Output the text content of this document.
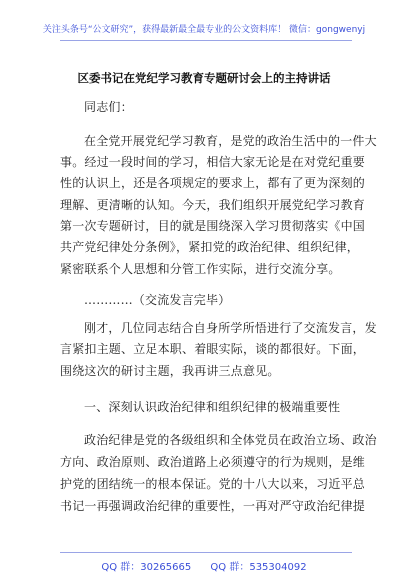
关注头条号“公文研究”，获得最新最全最专业的公文资料库！ 微信：gongwenyj
区委书记在党纪学习教育专题研讨会上的主持讲话
同志们：
在全党开展党纪学习教育，是党的政治生活中的一件大
事。经过一段时间的学习，相信大家无论是在对党纪重要
性的认识上，还是各项规定的要求上，都有了更为深刻的
理解、更清晰的认知。今天，我们组织开展党纪学习教育
第一次专题研讨，目的就是围绕深入学习贯彻落实《中国
共产党纪律处分条例》，紧扣党的政治纪律、组织纪律，
紧密联系个人思想和分管工作实际，进行交流分享。
…………（交流发言完毕）
刚才，几位同志结合自身所学所悟进行了交流发言，发
言紧扣主题、立足本职、着眼实际，谈的都很好。下面，
围绕这次的研讨主题，我再讲三点意见。
一、深刻认识政治纪律和组织纪律的极端重要性
政治纪律是党的各级组织和全体党员在政治立场、政治
方向、政治原则、政治道路上必须遵守的行为规则，是维
护党的团结统一的根本保证。党的十八大以来，习近平总
书记一再强调政治纪律的重要性，一再对严守政治纪律提
QQ 群：30265665 QQ 群：535304092
